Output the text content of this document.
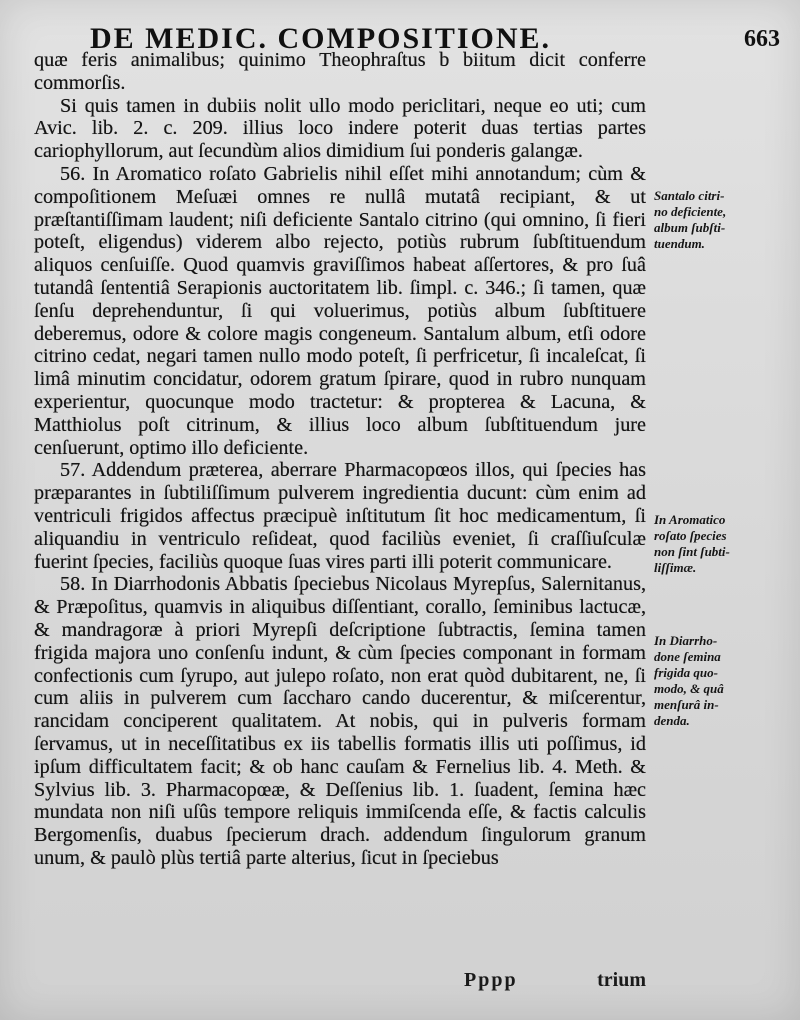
DE MEDIC. COMPOSITIONE.	663

quæ feris animalibus; quinimo Theophraſtus b biitum dicit conferre commorſis.

Si quis tamen in dubiis nolit ullo modo periclitari, neque eo uti; cum Avic. lib. 2. c. 209. illius loco indere poterit duas tertias partes cariophyllorum, aut ſecundùm alios dimidium ſui ponderis galangæ.

56. In Aromatico roſato Gabrielis nihil eſſet mihi annotandum; cùm & compoſitionem Meſuæi omnes re nullâ mutatâ recipiant, & ut præſtantiſſimam laudent; niſi deficiente Santalo citrino (qui omnino, ſi fieri poteſt, eligendus) viderem albo rejecto, potiùs rubrum ſubſtituendum aliquos cenſuiſſe. Quod quamvis graviſſimos habeat aſſertores, & pro ſuâ tutandâ ſententiâ Serapionis auctoritatem lib. ſimpl. c. 346.; ſi tamen, quæ ſenſu deprehenduntur, ſi qui voluerimus, potiùs album ſubſtituere deberemus, odore & colore magis congeneum. Santalum album, etſi odore citrino cedat, negari tamen nullo modo poteſt, ſi perfricetur, ſi incaleſcat, ſi limâ minutim concidatur, odorem gratum ſpirare, quod in rubro nunquam experientur, quocunque modo tractetur: & propterea & Lacuna, & Matthiolus poſt citrinum, & illius loco album ſubſtituendum jure cenſuerunt, optimo illo deficiente.

57. Addendum præterea, aberrare Pharmacopœos illos, qui ſpecies has præparantes in ſubtiliſſimum pulverem ingredientia ducunt: cùm enim ad ventriculi frigidos affectus præcipuè inſtitutum ſit hoc medicamentum, ſi aliquandiu in ventriculo reſideat, quod faciliùs eveniet, ſi craſſiuſculæ fuerint ſpecies, faciliùs quoque ſuas vires parti illi poterit communicare.

58. In Diarrhodonis Abbatis ſpeciebus Nicolaus Myrepſus, Salernitanus, & Præpoſitus, quamvis in aliquibus diſſentiant, corallo, ſeminibus lactucæ, & mandragoræ à priori Myrepſi deſcriptione ſubtractis, ſemina tamen frigida majora uno conſenſu indunt, & cùm ſpecies componant in formam confectionis cum ſyrupo, aut julepo roſato, non erat quòd dubitarent, ne, ſi cum aliis in pulverem cum ſaccharo cando ducerentur, & miſcerentur, rancidam conciperent qualitatem. At nobis, qui in pulveris formam ſervamus, ut in neceſſitatibus ex iis tabellis formatis illis uti poſſimus, id ipſum difficultatem facit; & ob hanc cauſam & Fernelius lib. 4. Meth. & Sylvius lib. 3. Pharmacopœæ, & Deſſenius lib. 1. ſuadent, ſemina hæc mundata non niſi uſûs tempore reliquis immiſcenda eſſe, & factis calculis Bergomenſis, duabus ſpecierum drach. addendum ſingulorum granum unum, & paulò plùs tertiâ parte alterius, ſicut in ſpeciebus

Santalo citri-
no deficiente,
album ſubſti-
tuendum.
In Aromatico
roſato ſpecies
non ſint ſubti-
liſſimæ.
In Diarrho-
done ſemina
frigida quo-
modo, & quâ
menſurâ in-
denda.
Pppp	trium
